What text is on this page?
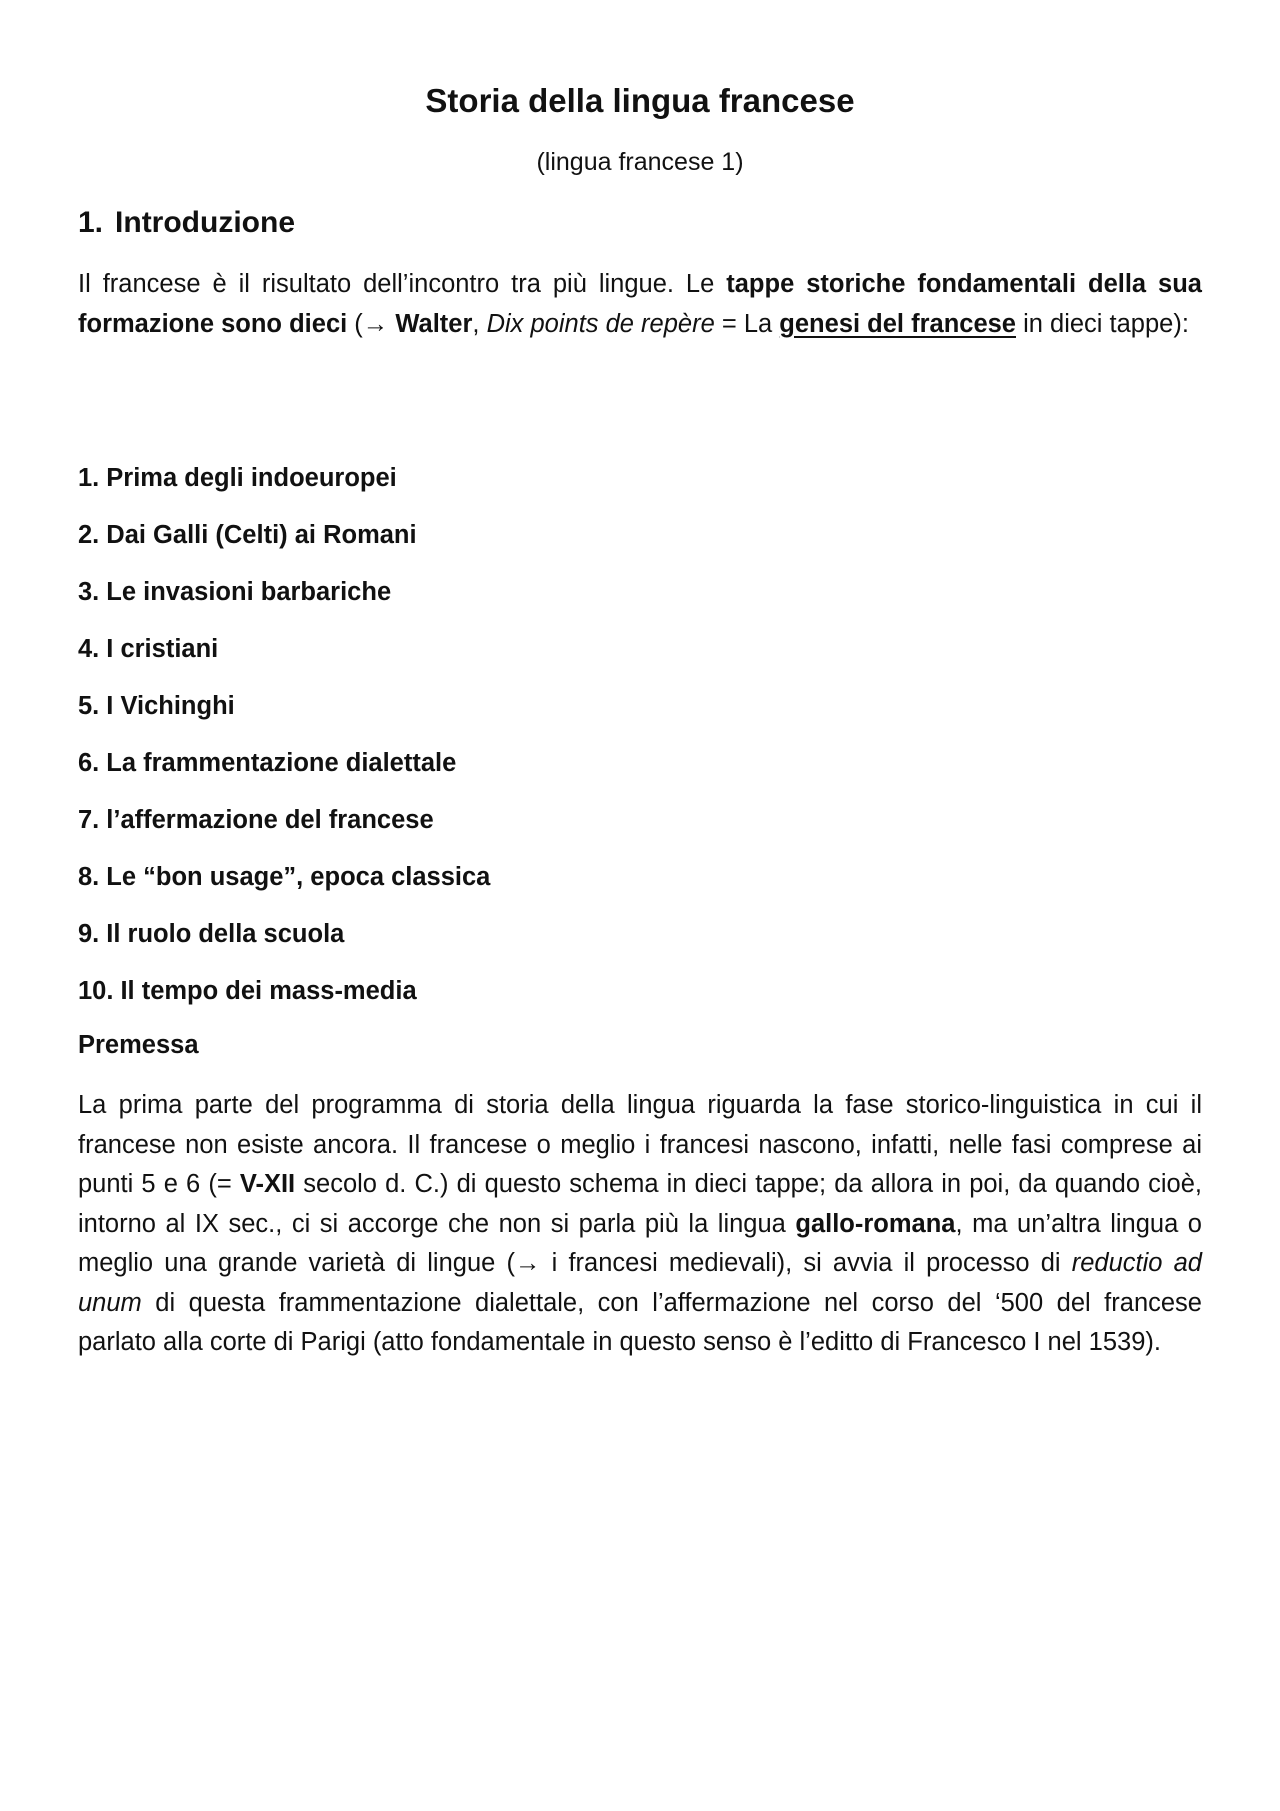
Storia della lingua francese

(lingua francese 1)

1. Introduzione

Il francese è il risultato dell’incontro tra più lingue. Le tappe storiche fondamentali della sua formazione sono dieci (→ Walter, Dix points de repère = La genesi del francese in dieci tappe):

1. Prima degli indoeuropei
2. Dai Galli (Celti) ai Romani
3. Le invasioni barbariche
4. I cristiani
5. I Vichinghi
6. La frammentazione dialettale
7. l’affermazione del francese
8. Le “bon usage”, epoca classica
9. Il ruolo della scuola
10. Il tempo dei mass-media
Premessa

La prima parte del programma di storia della lingua riguarda la fase storico-linguistica in cui il francese non esiste ancora. Il francese o meglio i francesi nascono, infatti, nelle fasi comprese ai punti 5 e 6 (= V-XII secolo d. C.) di questo schema in dieci tappe; da allora in poi, da quando cioè, intorno al IX sec., ci si accorge che non si parla più la lingua gallo-romana, ma un’altra lingua o meglio una grande varietà di lingue (→ i francesi medievali), si avvia il processo di reductio ad unum di questa frammentazione dialettale, con l’affermazione nel corso del ‘500 del francese parlato alla corte di Parigi (atto fondamentale in questo senso è l’editto di Francesco I nel 1539).
